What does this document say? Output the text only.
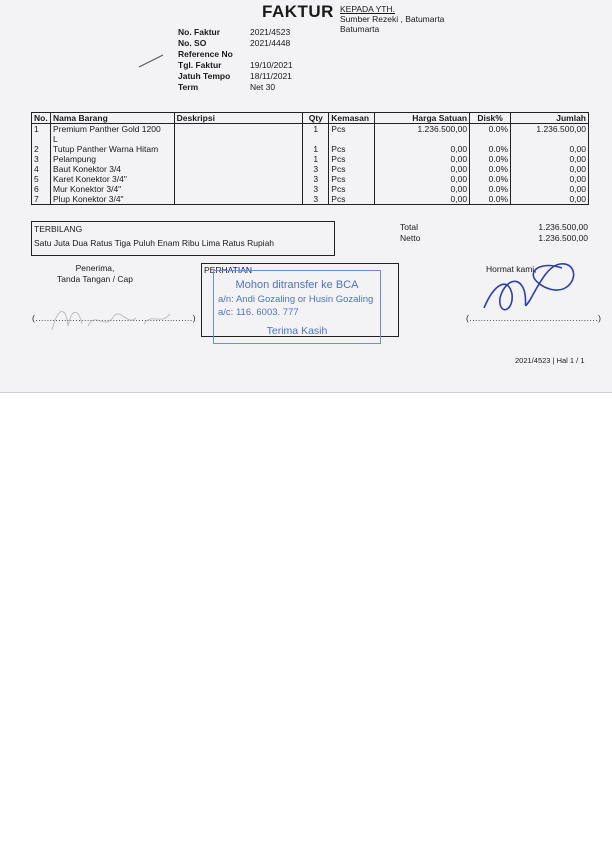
FAKTUR KEPADA YTH.
Sumber Rezeki , Batumarta
Batumarta
No. Faktur	2021/4523
No. SO	2021/4448
Reference No
Tgl. Faktur	19/10/2021
Jatuh Tempo	18/11/2021
Term	Net 30
No.	Nama Barang	Deskripsi	Qty	Kemasan	Harga Satuan	Disk%	Jumlah
1	Premium Panther Gold 1200		1	Pcs	1.236.500,00	0.0%	1.236.500,00
	L						
2	Tutup Panther Warna Hitam		1	Pcs	0,00	0.0%	0,00
3	Pelampung		1	Pcs	0,00	0.0%	0,00
4	Baut Konektor 3/4		3	Pcs	0,00	0.0%	0,00
5	Karet Konektor 3/4"		3	Pcs	0,00	0.0%	0,00
6	Mur Konektor 3/4"		3	Pcs	0,00	0.0%	0,00
7	Plup Konektor 3/4"		3	Pcs	0,00	0.0%	0,00
TERBILANG
Satu Juta Dua Ratus Tiga Puluh Enam Ribu Lima Ratus Rupiah
Total	1.236.500,00
Netto	1.236.500,00
Penerima,
Tanda Tangan / Cap
(.......................................................)
PERHATIAN
Mohon ditransfer ke BCA
a/n: Andi Gozaling or Husin Gozaling
a/c: 116. 6003. 777
Terima Kasih
Hormat kami,
(.............................................)
2021/4523 | Hal 1 / 1
